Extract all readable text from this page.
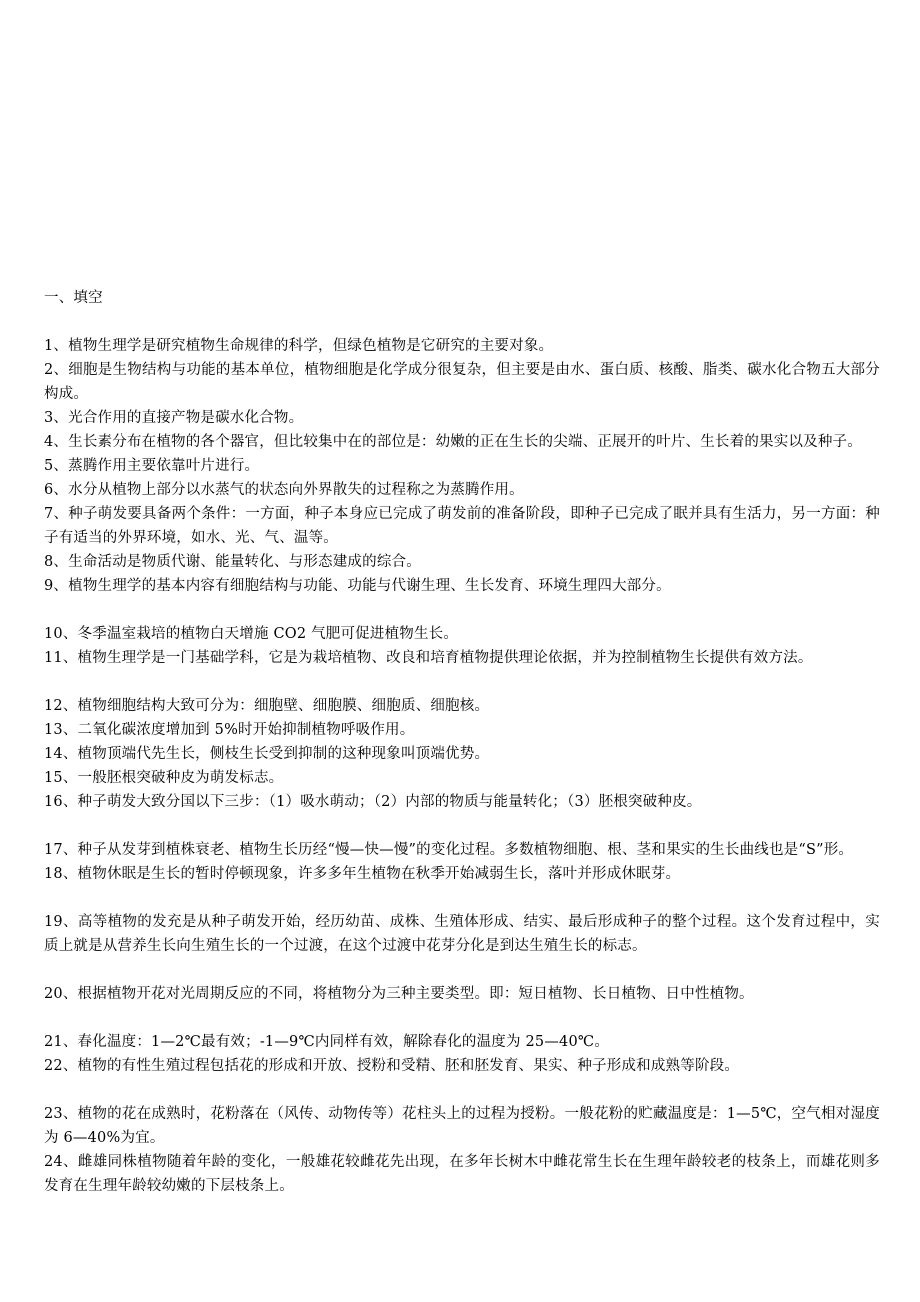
一、填空

1、植物生理学是研究植物生命规律的科学，但绿色植物是它研究的主要对象。

2、细胞是生物结构与功能的基本单位，植物细胞是化学成分很复杂，但主要是由水、蛋白质、核酸、脂类、碳水化合物五大部分构成。

3、光合作用的直接产物是碳水化合物。

4、生长素分布在植物的各个器官，但比较集中在的部位是：幼嫩的正在生长的尖端、正展开的叶片、生长着的果实以及种子。

5、蒸腾作用主要依靠叶片进行。

6、水分从植物上部分以水蒸气的状态向外界散失的过程称之为蒸腾作用。

7、种子萌发要具备两个条件：一方面，种子本身应已完成了萌发前的准备阶段，即种子已完成了眠并具有生活力，另一方面：种子有适当的外界环境，如水、光、气、温等。

8、生命活动是物质代谢、能量转化、与形态建成的综合。

9、植物生理学的基本内容有细胞结构与功能、功能与代谢生理、生长发育、环境生理四大部分。

10、冬季温室栽培的植物白天增施 CO2 气肥可促进植物生长。

11、植物生理学是一门基础学科，它是为栽培植物、改良和培育植物提供理论依据，并为控制植物生长提供有效方法。

12、植物细胞结构大致可分为：细胞壁、细胞膜、细胞质、细胞核。

13、二氧化碳浓度增加到 5%时开始抑制植物呼吸作用。

14、植物顶端代先生长，侧枝生长受到抑制的这种现象叫顶端优势。

15、一般胚根突破种皮为萌发标志。

16、种子萌发大致分国以下三步：（1）吸水萌动；（2）内部的物质与能量转化；（3）胚根突破种皮。

17、种子从发芽到植株衰老、植物生长历经“慢—快—慢”的变化过程。多数植物细胞、根、茎和果实的生长曲线也是“S”形。

18、植物休眠是生长的暂时停顿现象，许多多年生植物在秋季开始减弱生长，落叶并形成休眠芽。

19、高等植物的发充是从种子萌发开始，经历幼苗、成株、生殖体形成、结实、最后形成种子的整个过程。这个发育过程中，实质上就是从营养生长向生殖生长的一个过渡，在这个过渡中花芽分化是到达生殖生长的标志。

20、根据植物开花对光周期反应的不同，将植物分为三种主要类型。即：短日植物、长日植物、日中性植物。

21、春化温度：1—2℃最有效；-1—9℃内同样有效，解除春化的温度为 25—40℃。

22、植物的有性生殖过程包括花的形成和开放、授粉和受精、胚和胚发育、果实、种子形成和成熟等阶段。

23、植物的花在成熟时，花粉落在（风传、动物传等）花柱头上的过程为授粉。一般花粉的贮藏温度是：1—5℃，空气相对湿度为 6—40%为宜。

24、雌雄同株植物随着年龄的变化，一般雄花较雌花先出现，在多年长树木中雌花常生长在生理年龄较老的枝条上，而雄花则多发育在生理年龄较幼嫩的下层枝条上。
